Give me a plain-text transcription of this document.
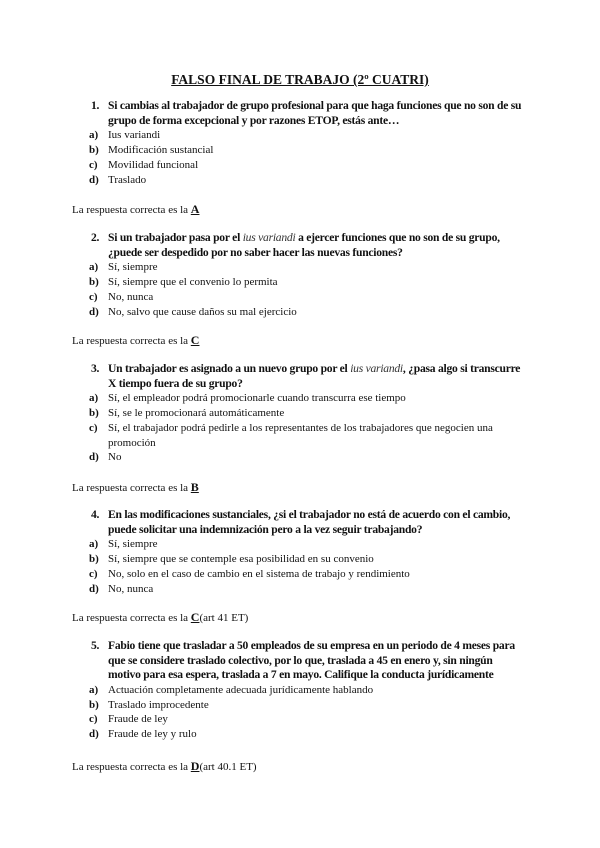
FALSO FINAL DE TRABAJO (2º CUATRI)
1. Si cambias al trabajador de grupo profesional para que haga funciones que no son de su
grupo de forma excepcional y por razones ETOP, estás ante…
a) Ius variandi
b) Modificación sustancial
c) Movilidad funcional
d) Traslado
La respuesta correcta es la A
2. Si un trabajador pasa por el ius variandi a ejercer funciones que no son de su grupo,
¿puede ser despedido por no saber hacer las nuevas funciones?
a) Sí, siempre
b) Sí, siempre que el convenio lo permita
c) No, nunca
d) No, salvo que cause daños su mal ejercicio
La respuesta correcta es la C
3. Un trabajador es asignado a un nuevo grupo por el ius variandi, ¿pasa algo si transcurre
X tiempo fuera de su grupo?
a) Sí, el empleador podrá promocionarle cuando transcurra ese tiempo
b) Sí, se le promocionará automáticamente
c) Sí, el trabajador podrá pedirle a los representantes de los trabajadores que negocien una
promoción
d) No
La respuesta correcta es la B
4. En las modificaciones sustanciales, ¿si el trabajador no está de acuerdo con el cambio,
puede solicitar una indemnización pero a la vez seguir trabajando?
a) Sí, siempre
b) Sí, siempre que se contemple esa posibilidad en su convenio
c) No, solo en el caso de cambio en el sistema de trabajo y rendimiento
d) No, nunca
La respuesta correcta es la C(art 41 ET)
5. Fabio tiene que trasladar a 50 empleados de su empresa en un periodo de 4 meses para
que se considere traslado colectivo, por lo que, traslada a 45 en enero y, sin ningún
motivo para esa espera, traslada a 7 en mayo. Califique la conducta jurídicamente
a) Actuación completamente adecuada jurídicamente hablando
b) Traslado improcedente
c) Fraude de ley
d) Fraude de ley y rulo
La respuesta correcta es la D(art 40.1 ET)
